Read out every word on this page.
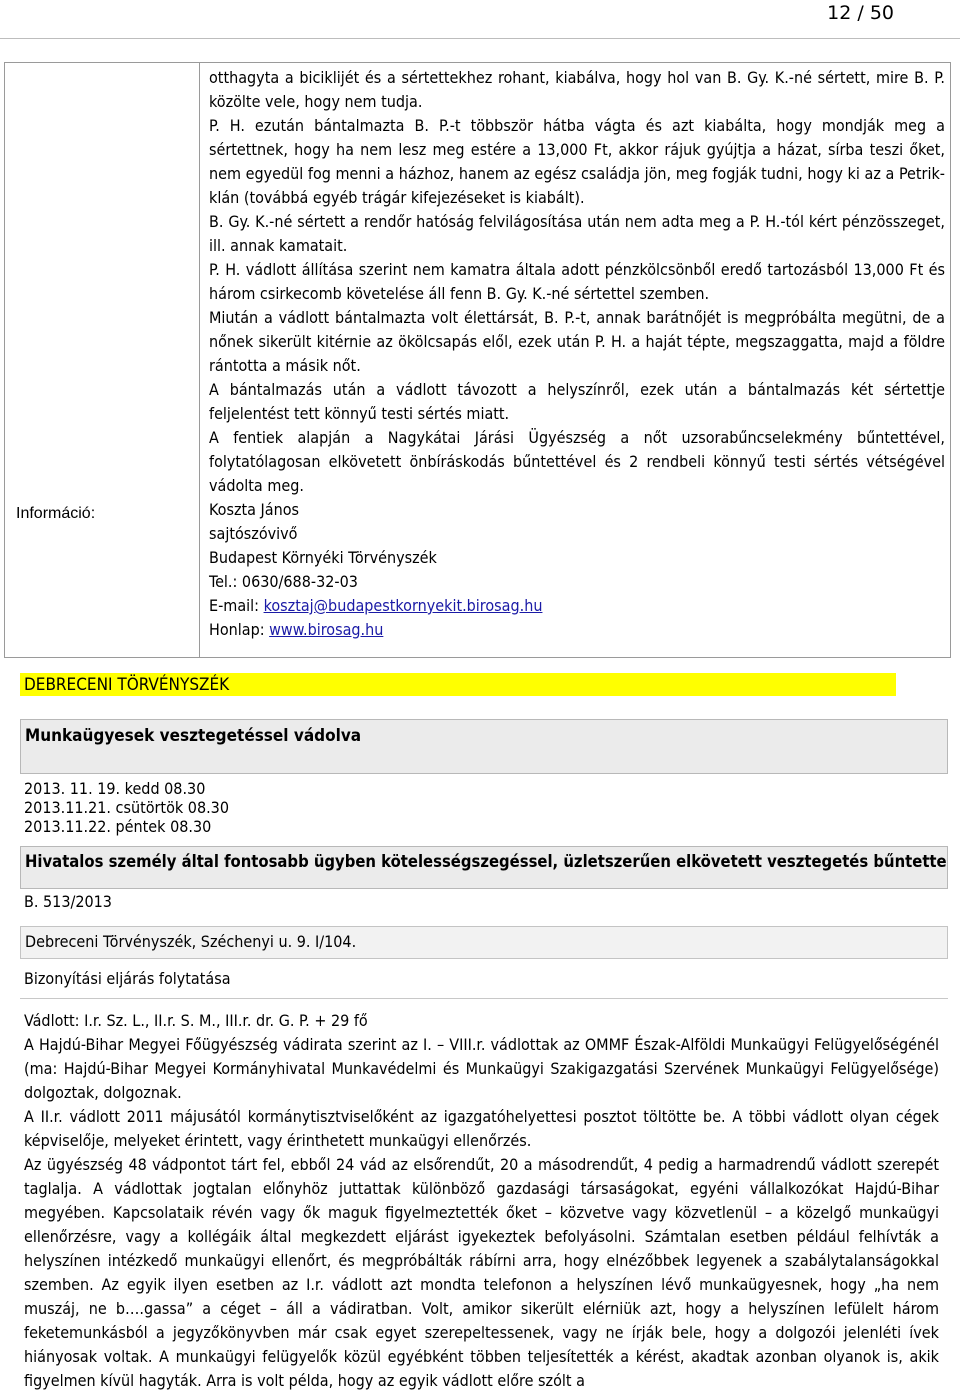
12 / 50
Információ:

otthagyta a biciklijét és a sértettekhez rohant, kiabálva, hogy hol van B. Gy. K.-né sértett, mire B. P. közölte vele, hogy nem tudja.

P. H. ezután bántalmazta B. P.-t többször hátba vágta és azt kiabálta, hogy mondják meg a sértettnek, hogy ha nem lesz meg estére a 13,000 Ft, akkor rájuk gyújtja a házat, sírba teszi őket, nem egyedül fog menni a házhoz, hanem az egész családja jön, meg fogják tudni, hogy ki az a Petrik-klán (továbbá egyéb trágár kifejezéseket is kiabált).

B. Gy. K.-né sértett a rendőr hatóság felvilágosítása után nem adta meg a P. H.-tól kért pénzösszeget, ill. annak kamatait.

P. H. vádlott állítása szerint nem kamatra általa adott pénzkölcsönből eredő tartozásból 13,000 Ft és három csirkecomb követelése áll fenn B. Gy. K.-né sértettel szemben.

Miután a vádlott bántalmazta volt élettársát, B. P.-t, annak barátnőjét is megpróbálta megütni, de a nőnek sikerült kitérnie az ökölcsapás elől, ezek után P. H. a haját tépte, megszaggatta, majd a földre rántotta a másik nőt.

A bántalmazás után a vádlott távozott a helyszínről, ezek után a bántalmazás két sértettje feljelentést tett könnyű testi sértés miatt.

A fentiek alapján a Nagykátai Járási Ügyészség a nőt uzsorabűncselekmény bűntettével, folytatólagosan elkövetett önbíráskodás bűntettével és 2 rendbeli könnyű testi sértés vétségével vádolta meg.

Koszta János

sajtószóvivő

Budapest Környéki Törvényszék

Tel.: 0630/688-32-03

E-mail: kosztaj@budapestkornyekit.birosag.hu

Honlap: www.birosag.hu

DEBRECENI TÖRVÉNYSZÉK
Munkaügyesek vesztegetéssel vádolva
2013. 11. 19. kedd 08.30
2013.11.21. csütörtök 08.30
2013.11.22. péntek 08.30
Hivatalos személy által fontosabb ügyben kötelességszegéssel, üzletszerűen elkövetett vesztegetés bűntette
B. 513/2013
Debreceni Törvényszék, Széchenyi u. 9. I/104.
Bizonyítási eljárás folytatása

Vádlott: I.r. Sz. L., II.r. S. M., III.r. dr. G. P. + 29 fő

A Hajdú-Bihar Megyei Főügyészség vádirata szerint az I. – VIII.r. vádlottak az OMMF Észak-Alföldi Munkaügyi Felügyelőségénél (ma: Hajdú-Bihar Megyei Kormányhivatal Munkavédelmi és Munkaügyi Szakigazgatási Szervének Munkaügyi Felügyelősége) dolgoztak, dolgoznak.

A II.r. vádlott 2011 májusától kormánytisztviselőként az igazgatóhelyettesi posztot töltötte be. A többi vádlott olyan cégek képviselője, melyeket érintett, vagy érinthetett munkaügyi ellenőrzés.

Az ügyészség 48 vádpontot tárt fel, ebből 24 vád az elsőrendűt, 20 a másodrendűt, 4 pedig a harmadrendű vádlott szerepét taglalja. A vádlottak jogtalan előnyhöz juttattak különböző gazdasági társaságokat, egyéni vállalkozókat Hajdú-Bihar megyében. Kapcsolataik révén vagy ők maguk figyelmeztették őket – közvetve vagy közvetlenül – a közelgő munkaügyi ellenőrzésre, vagy a kollégáik által megkezdett eljárást igyekeztek befolyásolni. Számtalan esetben például felhívták a helyszínen intézkedő munkaügyi ellenőrt, és megpróbálták rábírni arra, hogy elnézőbbek legyenek a szabálytalanságokkal szemben. Az egyik ilyen esetben az I.r. vádlott azt mondta telefonon a helyszínen lévő munkaügyesnek, hogy „ha nem muszáj, ne b….gassa” a céget – áll a vádiratban. Volt, amikor sikerült elérniük azt, hogy a helyszínen lefülelt három feketemunkásból a jegyzőkönyvben már csak egyet szerepeltessenek, vagy ne írják bele, hogy a dolgozói jelenléti ívek hiányosak voltak. A munkaügyi felügyelők közül egyébként többen teljesítették a kérést, akadtak azonban olyanok is, akik figyelmen kívül hagyták. Arra is volt példa, hogy az egyik vádlott előre szólt a
